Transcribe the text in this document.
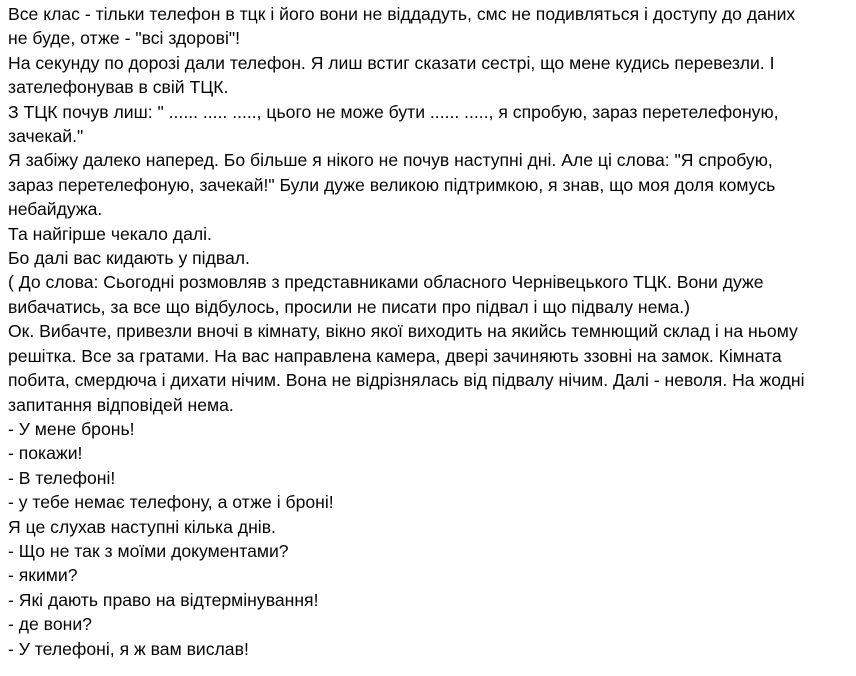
Все клас - тільки телефон в тцк і його вони не віддадуть, смс не подивляться і доступу до даних

не буде, отже - "всі здорові"!

На секунду по дорозі дали телефон. Я лиш встиг сказати сестрі, що мене кудись перевезли. І

зателефонував в свій ТЦК.

З ТЦК почув лиш: " ...... ..... ....., цього не може бути ...... ....., я спробую, зараз перетелефоную,

зачекай."

Я забіжу далеко наперед. Бо більше я нікого не почув наступні дні. Але ці слова: "Я спробую,

зараз перетелефоную, зачекай!" Були дуже великою підтримкою, я знав, що моя доля комусь

небайдужа.

Та найгірше чекало далі.

Бо далі вас кидають у підвал.

( До слова: Сьогодні розмовляв з представниками обласного Чернівецького ТЦК. Вони дуже

вибачатись, за все що відбулось, просили не писати про підвал і що підвалу нема.)

Ок. Вибачте, привезли вночі в кімнату, вікно якої виходить на якийсь темнющий склад і на ньому

решітка. Все за гратами. На вас направлена камера, двері зачиняють ззовні на замок. Кімната

побита, смердюча і дихати нічим. Вона не відрізнялась від підвалу нічим. Далі - неволя. На жодні

запитання відповідей нема.

- У мене бронь!

- покажи!

- В телефоні!

- у тебе немає телефону, а отже і броні!

Я це слухав наступні кілька днів.

- Що не так з моїми документами?

- якими?

- Які дають право на відтермінування!

- де вони?

- У телефоні, я ж вам вислав!
